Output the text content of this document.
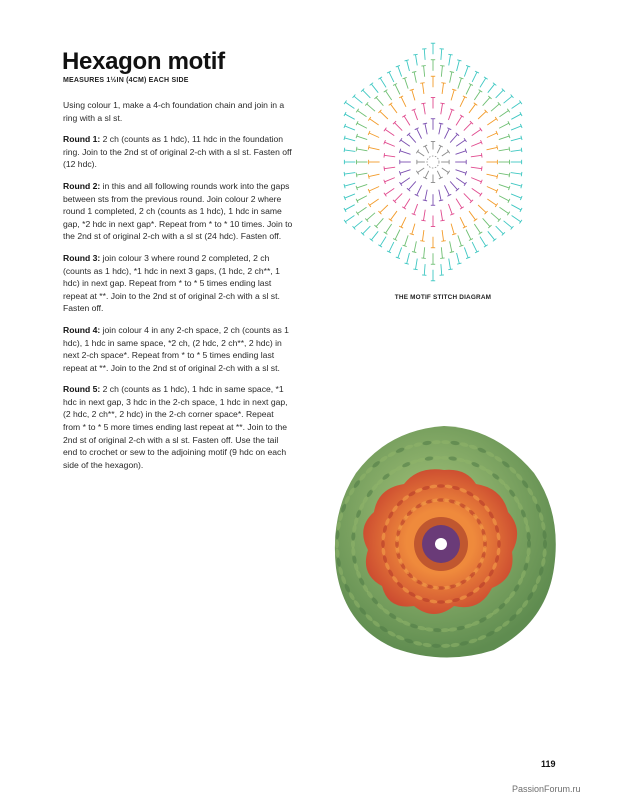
Hexagon motif
MEASURES 1½IN (4CM) EACH SIDE

Using colour 1, make a 4-ch foundation chain and join in a ring with a sl st.

Round 1: 2 ch (counts as 1 hdc), 11 hdc in the foundation ring. Join to the 2nd st of original 2-ch with a sl st. Fasten off (12 hdc).

Round 2: in this and all following rounds work into the gaps between sts from the previous round. Join colour 2 where round 1 completed, 2 ch (counts as 1 hdc), 1 hdc in same gap, *2 hdc in next gap*. Repeat from * to * 10 times. Join to the 2nd st of original 2-ch with a sl st (24 hdc). Fasten off.

Round 3: join colour 3 where round 2 completed, 2 ch (counts as 1 hdc), *1 hdc in next 3 gaps, (1 hdc, 2 ch**, 1 hdc) in next gap. Repeat from * to * 5 times ending last repeat at **. Join to the 2nd st of original 2-ch with a sl st. Fasten off.

Round 4: join colour 4 in any 2-ch space, 2 ch (counts as 1 hdc), 1 hdc in same space, *2 ch, (2 hdc, 2 ch**, 2 hdc) in next 2-ch space*. Repeat from * to * 5 times ending last repeat at **. Join to the 2nd st of original 2-ch with a sl st.

Round 5: 2 ch (counts as 1 hdc), 1 hdc in same space, *1 hdc in next gap, 3 hdc in the 2-ch space, 1 hdc in next gap, (2 hdc, 2 ch**, 2 hdc) in the 2-ch corner space*. Repeat from * to * 5 more times ending last repeat at **. Join to the 2nd st of original 2-ch with a sl st. Fasten off. Use the tail end to crochet or sew to the adjoining motif (9 hdc on each side of the hexagon).

THE MOTIF STITCH DIAGRAM
119
PassionForum.ru
